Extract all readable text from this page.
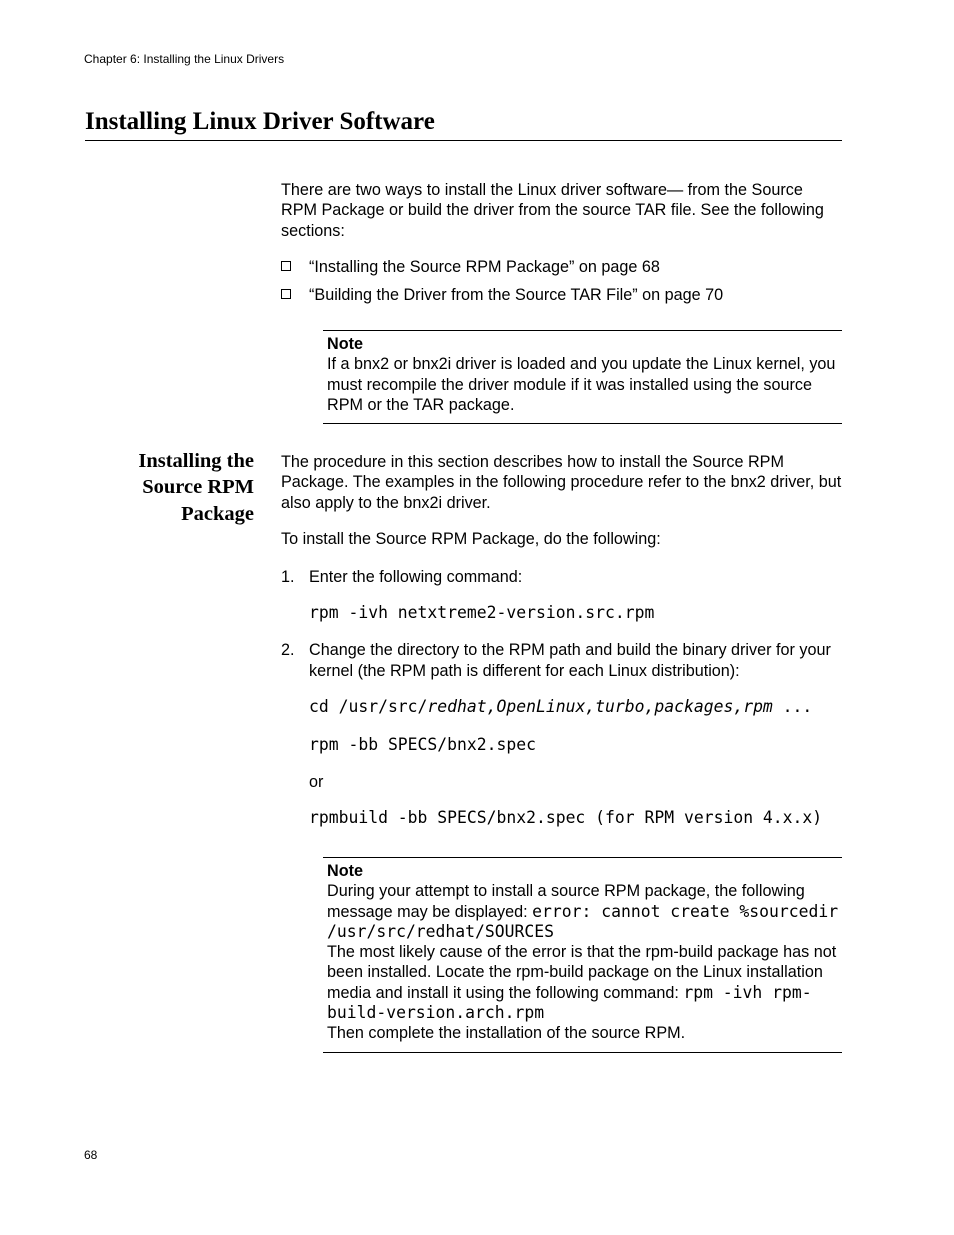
Chapter 6: Installing the Linux Drivers
Installing Linux Driver Software
There are two ways to install the Linux driver software— from the Source RPM Package or build the driver from the source TAR file. See the following sections:
“Installing the Source RPM Package” on page 68
“Building the Driver from the Source TAR File” on page 70
Note
If a bnx2 or bnx2i driver is loaded and you update the Linux kernel, you must recompile the driver module if it was installed using the source RPM or the TAR package.
Installing the Source RPM Package
The procedure in this section describes how to install the Source RPM Package. The examples in the following procedure refer to the bnx2 driver, but also apply to the bnx2i driver.
To install the Source RPM Package, do the following:
1. Enter the following command:
rpm -ivh netxtreme2-version.src.rpm
2. Change the directory to the RPM path and build the binary driver for your kernel (the RPM path is different for each Linux distribution):
cd /usr/src/redhat,OpenLinux,turbo,packages,rpm ...
rpm -bb SPECS/bnx2.spec
or
rpmbuild -bb SPECS/bnx2.spec (for RPM version 4.x.x)
Note
During your attempt to install a source RPM package, the following message may be displayed: error: cannot create %sourcedir /usr/src/redhat/SOURCES
The most likely cause of the error is that the rpm-build package has not been installed. Locate the rpm-build package on the Linux installation media and install it using the following command: rpm -ivh rpm-build-version.arch.rpm
Then complete the installation of the source RPM.
68
